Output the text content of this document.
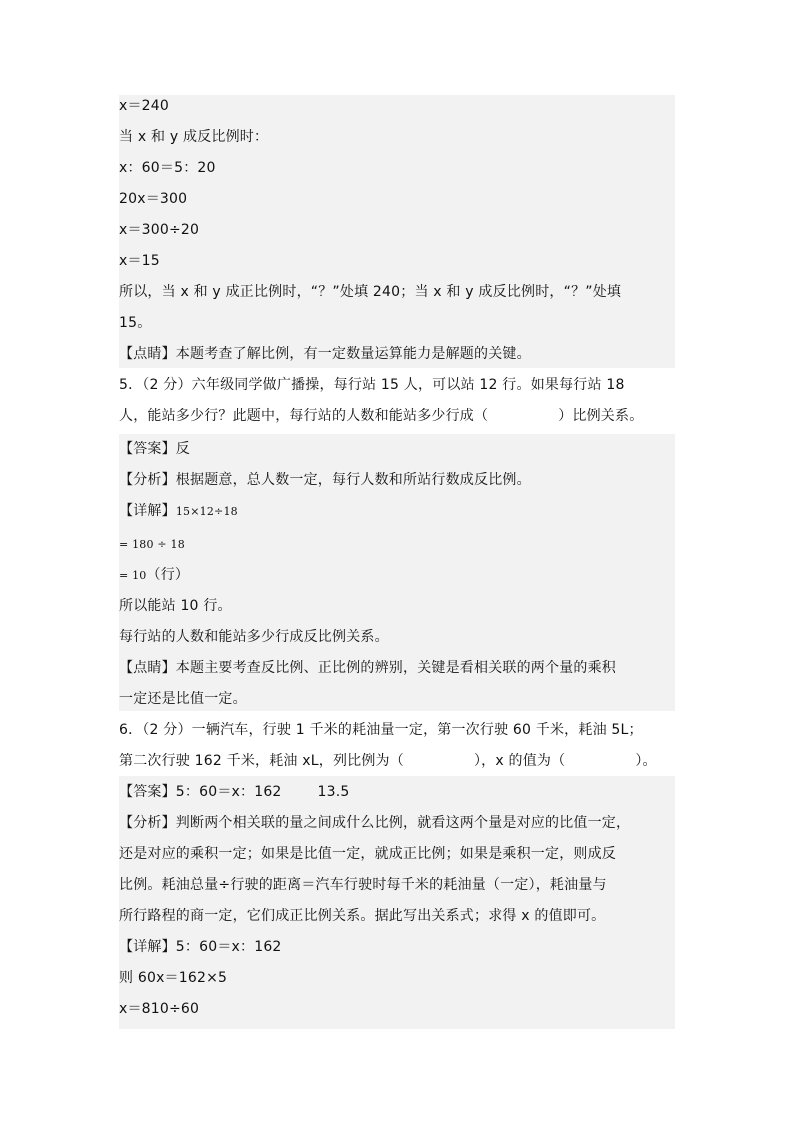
x＝240
当 x 和 y 成反比例时：
x：60＝5：20
20x＝300
x＝300÷20
x＝15
所以，当 x 和 y 成正比例时，“？”处填 240；当 x 和 y 成反比例时，“？”处填
15。
【点睛】本题考查了解比例，有一定数量运算能力是解题的关键。
5．（2 分）六年级同学做广播操，每行站 15 人，可以站 12 行。如果每行站 18
人，能站多少行？此题中，每行站的人数和能站多少行成（	）比例关系。
【答案】反
【分析】根据题意，总人数一定，每行人数和所站行数成反比例。
【详解】15×12÷18
= 180 ÷ 18
= 10（行）
所以能站 10 行。
每行站的人数和能站多少行成反比例关系。
【点睛】本题主要考查反比例、正比例的辨别，关键是看相关联的两个量的乘积
一定还是比值一定。
6．（2 分）一辆汽车，行驶 1 千米的耗油量一定，第一次行驶 60 千米，耗油 5L；
第二次行驶 162 千米，耗油 xL，列比例为（	），x 的值为（	）。
【答案】5：60＝x：162	13.5
【分析】判断两个相关联的量之间成什么比例，就看这两个量是对应的比值一定，
还是对应的乘积一定；如果是比值一定，就成正比例；如果是乘积一定，则成反
比例。耗油总量÷行驶的距离＝汽车行驶时每千米的耗油量（一定），耗油量与
所行路程的商一定，它们成正比例关系。据此写出关系式；求得 x 的值即可。
【详解】5：60＝x：162
则 60x＝162×5
x＝810÷60
